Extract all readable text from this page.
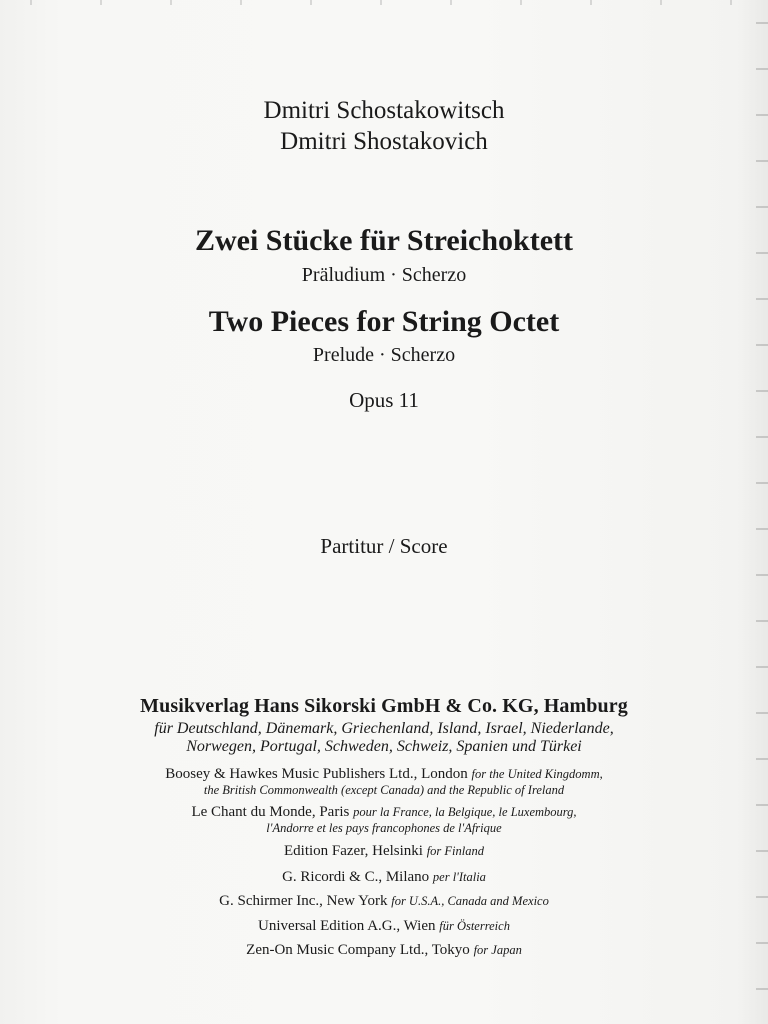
Dmitri Schostakowitsch
Dmitri Shostakovich
Zwei Stücke für Streichoktett
Präludium · Scherzo
Two Pieces for String Octet
Prelude · Scherzo
Opus 11
Partitur / Score
Musikverlag Hans Sikorski GmbH & Co. KG, Hamburg
für Deutschland, Dänemark, Griechenland, Island, Israel, Niederlande,
Norwegen, Portugal, Schweden, Schweiz, Spanien und Türkei
Boosey & Hawkes Music Publishers Ltd., London for the United Kingdomm,
the British Commonwealth (except Canada) and the Republic of Ireland
Le Chant du Monde, Paris pour la France, la Belgique, le Luxembourg,
l'Andorre et les pays francophones de l'Afrique
Edition Fazer, Helsinki for Finland
G. Ricordi & C., Milano per l'Italia
G. Schirmer Inc., New York for U.S.A., Canada and Mexico
Universal Edition A.G., Wien für Österreich
Zen-On Music Company Ltd., Tokyo for Japan
